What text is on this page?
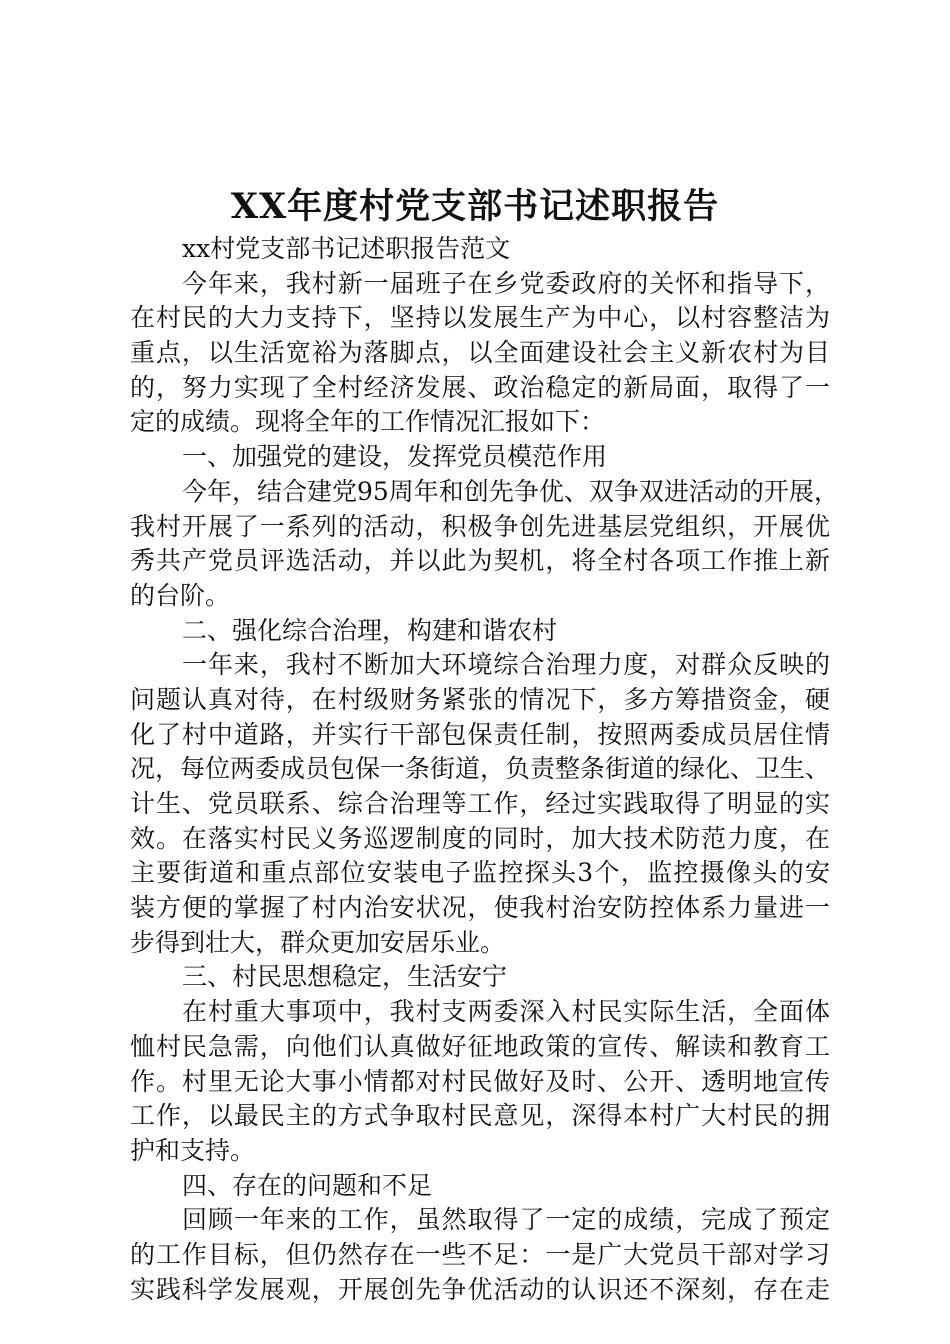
XX年度村党支部书记述职报告

xx村党支部书记述职报告范文

今年来，我村新一届班子在乡党委政府的关怀和指导下，

在村民的大力支持下，坚持以发展生产为中心，以村容整洁为

重点，以生活宽裕为落脚点，以全面建设社会主义新农村为目

的，努力实现了全村经济发展、政治稳定的新局面，取得了一

定的成绩。现将全年的工作情况汇报如下：

一、加强党的建设，发挥党员模范作用

今年，结合建党95周年和创先争优、双争双进活动的开展，

我村开展了一系列的活动，积极争创先进基层党组织，开展优

秀共产党员评选活动，并以此为契机，将全村各项工作推上新

的台阶。

二、强化综合治理，构建和谐农村

一年来，我村不断加大环境综合治理力度，对群众反映的

问题认真对待，在村级财务紧张的情况下，多方筹措资金，硬

化了村中道路，并实行干部包保责任制，按照两委成员居住情

况，每位两委成员包保一条街道，负责整条街道的绿化、卫生、

计生、党员联系、综合治理等工作，经过实践取得了明显的实

效。在落实村民义务巡逻制度的同时，加大技术防范力度，在

主要街道和重点部位安装电子监控探头3个，监控摄像头的安

装方便的掌握了村内治安状况，使我村治安防控体系力量进一

步得到壮大，群众更加安居乐业。

三、村民思想稳定，生活安宁

在村重大事项中，我村支两委深入村民实际生活，全面体

恤村民急需，向他们认真做好征地政策的宣传、解读和教育工

作。村里无论大事小情都对村民做好及时、公开、透明地宣传

工作，以最民主的方式争取村民意见，深得本村广大村民的拥

护和支持。

四、存在的问题和不足

回顾一年来的工作，虽然取得了一定的成绩，完成了预定

的工作目标，但仍然存在一些不足：一是广大党员干部对学习

实践科学发展观，开展创先争优活动的认识还不深刻，存在走
